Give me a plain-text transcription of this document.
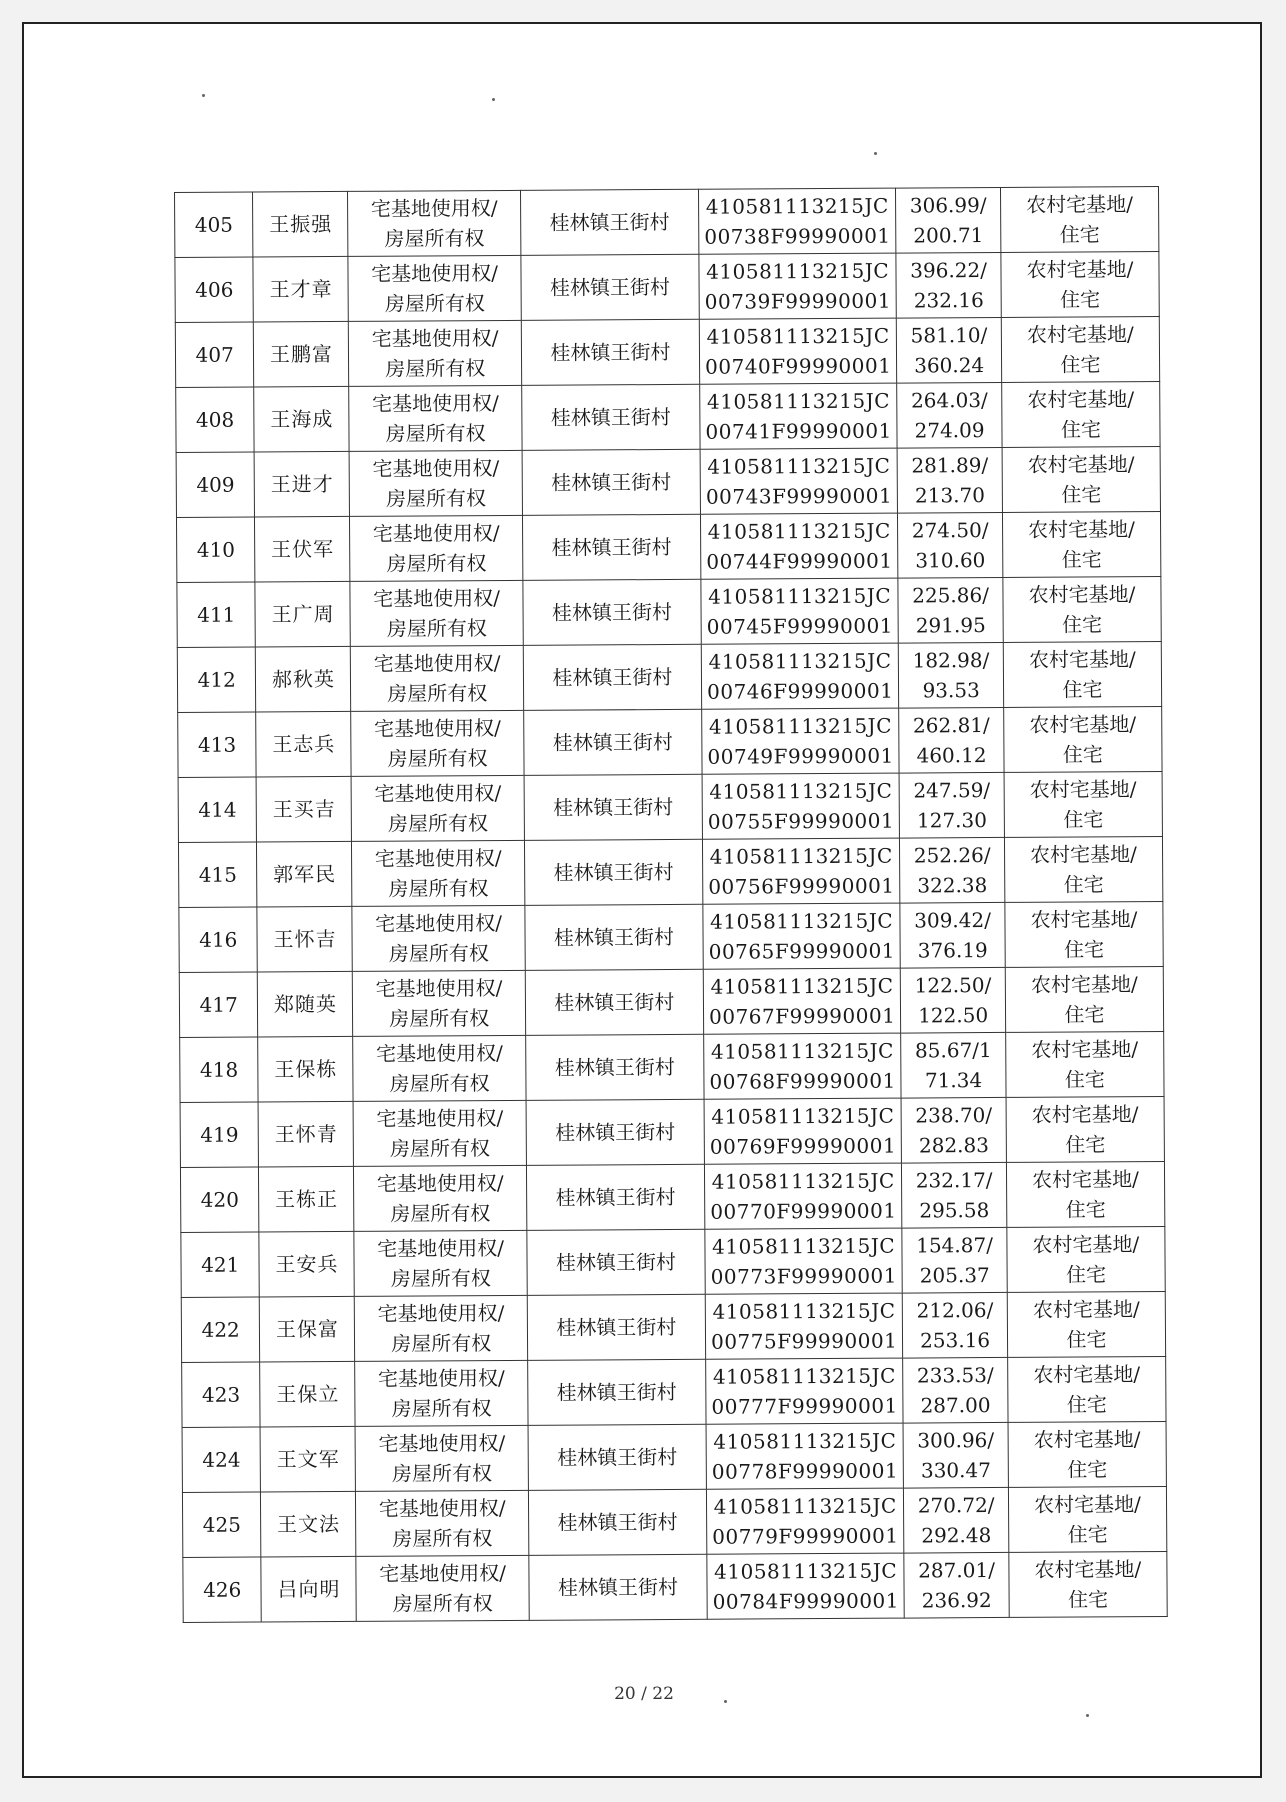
405	王振强	宅基地使用权/
房屋所有权	桂林镇王街村	410581113215JC
00738F99990001	306.99/
200.71	农村宅基地/
住宅

406	王才章	宅基地使用权/
房屋所有权	桂林镇王街村	410581113215JC
00739F99990001	396.22/
232.16	农村宅基地/
住宅

407	王鹏富	宅基地使用权/
房屋所有权	桂林镇王街村	410581113215JC
00740F99990001	581.10/
360.24	农村宅基地/
住宅

408	王海成	宅基地使用权/
房屋所有权	桂林镇王街村	410581113215JC
00741F99990001	264.03/
274.09	农村宅基地/
住宅

409	王进才	宅基地使用权/
房屋所有权	桂林镇王街村	410581113215JC
00743F99990001	281.89/
213.70	农村宅基地/
住宅

410	王伏军	宅基地使用权/
房屋所有权	桂林镇王街村	410581113215JC
00744F99990001	274.50/
310.60	农村宅基地/
住宅

411	王广周	宅基地使用权/
房屋所有权	桂林镇王街村	410581113215JC
00745F99990001	225.86/
291.95	农村宅基地/
住宅

412	郝秋英	宅基地使用权/
房屋所有权	桂林镇王街村	410581113215JC
00746F99990001	182.98/
93.53	农村宅基地/
住宅

413	王志兵	宅基地使用权/
房屋所有权	桂林镇王街村	410581113215JC
00749F99990001	262.81/
460.12	农村宅基地/
住宅

414	王买吉	宅基地使用权/
房屋所有权	桂林镇王街村	410581113215JC
00755F99990001	247.59/
127.30	农村宅基地/
住宅

415	郭军民	宅基地使用权/
房屋所有权	桂林镇王街村	410581113215JC
00756F99990001	252.26/
322.38	农村宅基地/
住宅

416	王怀吉	宅基地使用权/
房屋所有权	桂林镇王街村	410581113215JC
00765F99990001	309.42/
376.19	农村宅基地/
住宅

417	郑随英	宅基地使用权/
房屋所有权	桂林镇王街村	410581113215JC
00767F99990001	122.50/
122.50	农村宅基地/
住宅

418	王保栋	宅基地使用权/
房屋所有权	桂林镇王街村	410581113215JC
00768F99990001	85.67/1
71.34	农村宅基地/
住宅

419	王怀青	宅基地使用权/
房屋所有权	桂林镇王街村	410581113215JC
00769F99990001	238.70/
282.83	农村宅基地/
住宅

420	王栋正	宅基地使用权/
房屋所有权	桂林镇王街村	410581113215JC
00770F99990001	232.17/
295.58	农村宅基地/
住宅

421	王安兵	宅基地使用权/
房屋所有权	桂林镇王街村	410581113215JC
00773F99990001	154.87/
205.37	农村宅基地/
住宅

422	王保富	宅基地使用权/
房屋所有权	桂林镇王街村	410581113215JC
00775F99990001	212.06/
253.16	农村宅基地/
住宅

423	王保立	宅基地使用权/
房屋所有权	桂林镇王街村	410581113215JC
00777F99990001	233.53/
287.00	农村宅基地/
住宅

424	王文军	宅基地使用权/
房屋所有权	桂林镇王街村	410581113215JC
00778F99990001	300.96/
330.47	农村宅基地/
住宅

425	王文法	宅基地使用权/
房屋所有权	桂林镇王街村	410581113215JC
00779F99990001	270.72/
292.48	农村宅基地/
住宅

426	吕向明	宅基地使用权/
房屋所有权	桂林镇王街村	410581113215JC
00784F99990001	287.01/
236.92	农村宅基地/
住宅
20 / 22
